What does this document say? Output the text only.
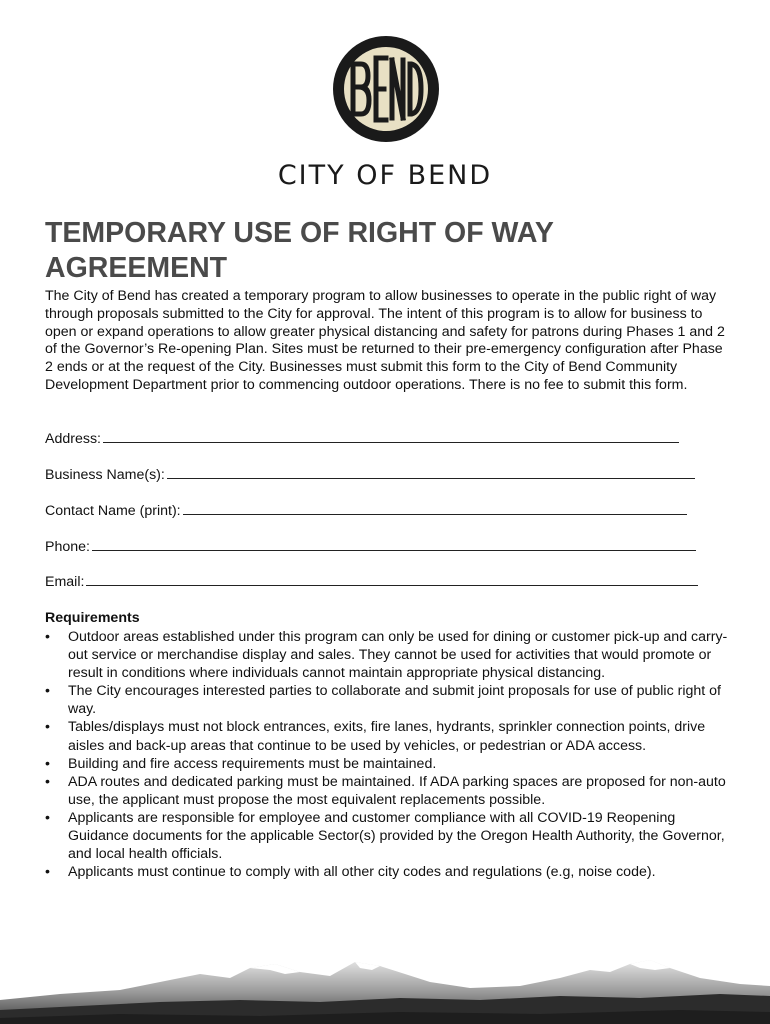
CITY OF BEND
TEMPORARY USE OF RIGHT OF WAY
AGREEMENT

The City of Bend has created a temporary program to allow businesses to operate in the public right of way through proposals submitted to the City for approval. The intent of this program is to allow for business to open or expand operations to allow greater physical distancing and safety for patrons during Phases 1 and 2 of the Governor’s Re-opening Plan. Sites must be returned to their pre-emergency configuration after Phase 2 ends or at the request of the City. Businesses must submit this form to the City of Bend Community Development Department prior to commencing outdoor operations. There is no fee to submit this form.

Address:
Business Name(s):
Contact Name (print):
Phone:
Email:
Requirements
•	Outdoor areas established under this program can only be used for dining or customer pick-up and carry-out service or merchandise display and sales. They cannot be used for activities that would promote or result in conditions where individuals cannot maintain appropriate physical distancing.
•	The City encourages interested parties to collaborate and submit joint proposals for use of public right of way.
•	Tables/displays must not block entrances, exits, fire lanes, hydrants, sprinkler connection points, drive aisles and back-up areas that continue to be used by vehicles, or pedestrian or ADA access.
•	Building and fire access requirements must be maintained.
•	ADA routes and dedicated parking must be maintained. If ADA parking spaces are proposed for non-auto use, the applicant must propose the most equivalent replacements possible.
•	Applicants are responsible for employee and customer compliance with all COVID-19 Reopening Guidance documents for the applicable Sector(s) provided by the Oregon Health Authority, the Governor, and local health officials.
•	Applicants must continue to comply with all other city codes and regulations (e.g, noise code).
